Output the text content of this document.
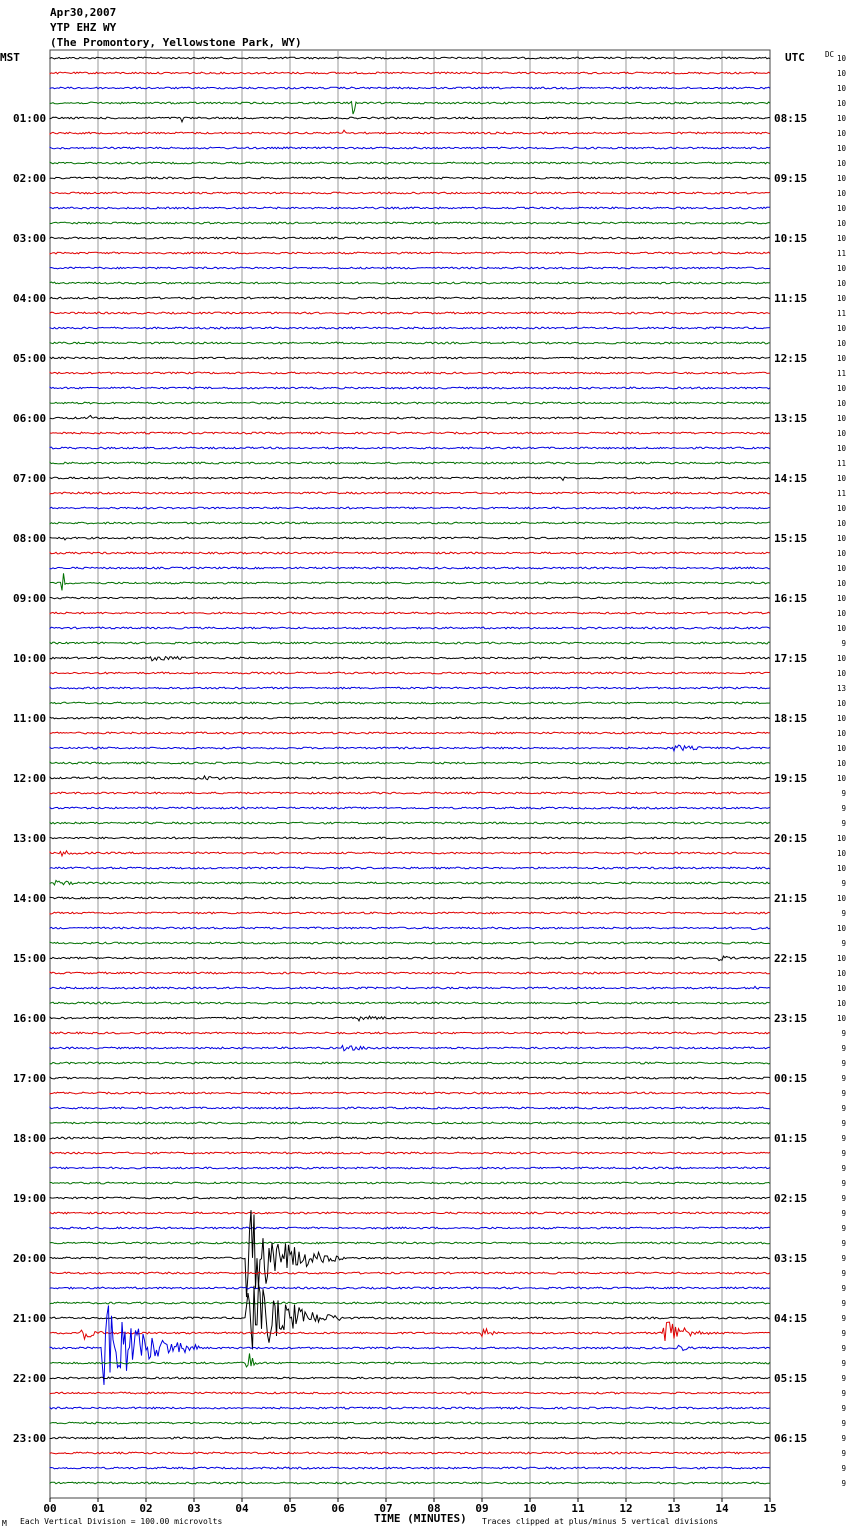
Apr30,2007
YTP EHZ WY
(The Promontory, Yellowstone Park, WY)
MST	UTC	DC
01:00
02:00
03:00
04:00
05:00
06:00
07:00
08:00
09:00
10:00
11:00
12:00
13:00
14:00
15:00
16:00
17:00
18:00
19:00
20:00
21:00
22:00
23:00
08:15
09:15
10:15
11:15
12:15
13:15
14:15
15:15
16:15
17:15
18:15
19:15
20:15
21:15
22:15
23:15
00:15
01:15
02:15
03:15
04:15
05:15
06:15
10
10
10
10
10
10
10
10
10
10
10
10
10
11
10
10
10
11
10
10
10
11
10
10
10
10
10
11
10
11
10
10
10
10
10
10
10
10
10
9
10
10
13
10
10
10
10
10
10
9
9
9
10
10
10
9
10
9
10
9
10
10
10
10
10
9
9
9
9
9
9
9
9
9
9
9
9
9
9
9
9
9
9
9
9
9
9
9
9
9
9
9
9
9
9
9
00	01	02	03	04	05	06	07	08	09	10	11	12	13	14	15
TIME (MINUTES)
Each Vertical Division = 100.00 microvolts	Traces clipped at plus/minus 5 vertical divisions
M
